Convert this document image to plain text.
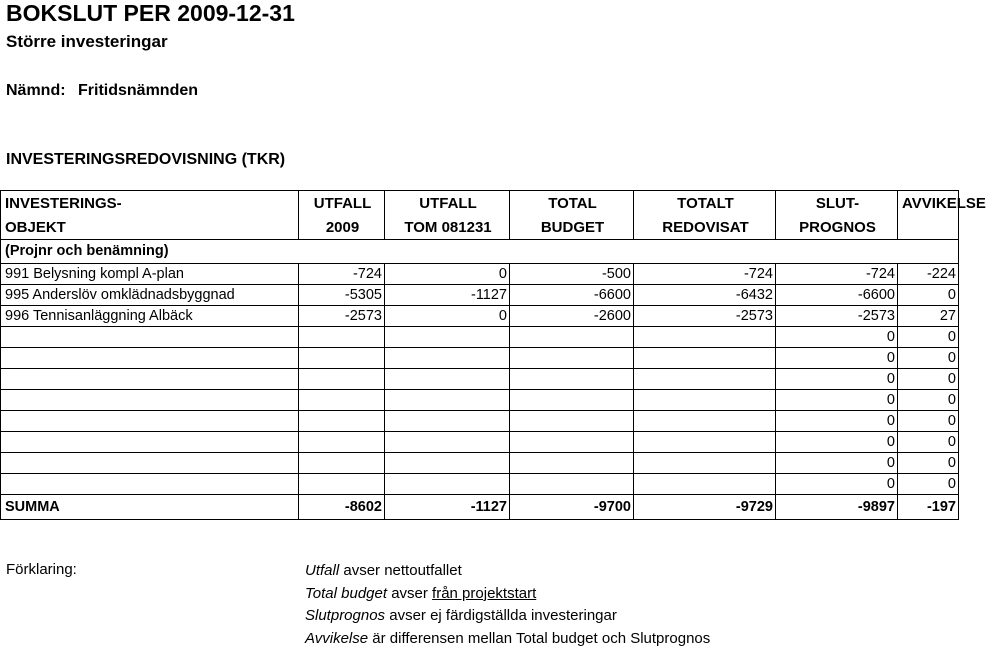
BOKSLUT PER 2009-12-31
Större investeringar
Nämnd: Fritidsnämnden
INVESTERINGSREDOVISNING (TKR)
INVESTERINGS-	UTFALL	UTFALL	TOTAL	TOTALT	SLUT-	AVVIKELSE
OBJEKT	2009	TOM 081231	BUDGET	REDOVISAT	PROGNOS	
(Projnr och benämning)						
991 Belysning kompl A-plan	-724	0	-500	-724	-724	-224
995 Anderslöv omklädnadsbyggnad	-5305	-1127	-6600	-6432	-6600	0
996 Tennisanläggning Albäck	-2573	0	-2600	-2573	-2573	27
					0	0
					0	0
					0	0
					0	0
					0	0
					0	0
					0	0
					0	0
SUMMA	-8602	-1127	-9700	-9729	-9897	-197
Förklaring:	Utfall avser nettoutfallet
Total budget avser från projektstart
Slutprognos avser ej färdigställda investeringar
Avvikelse är differensen mellan Total budget och Slutprognos
